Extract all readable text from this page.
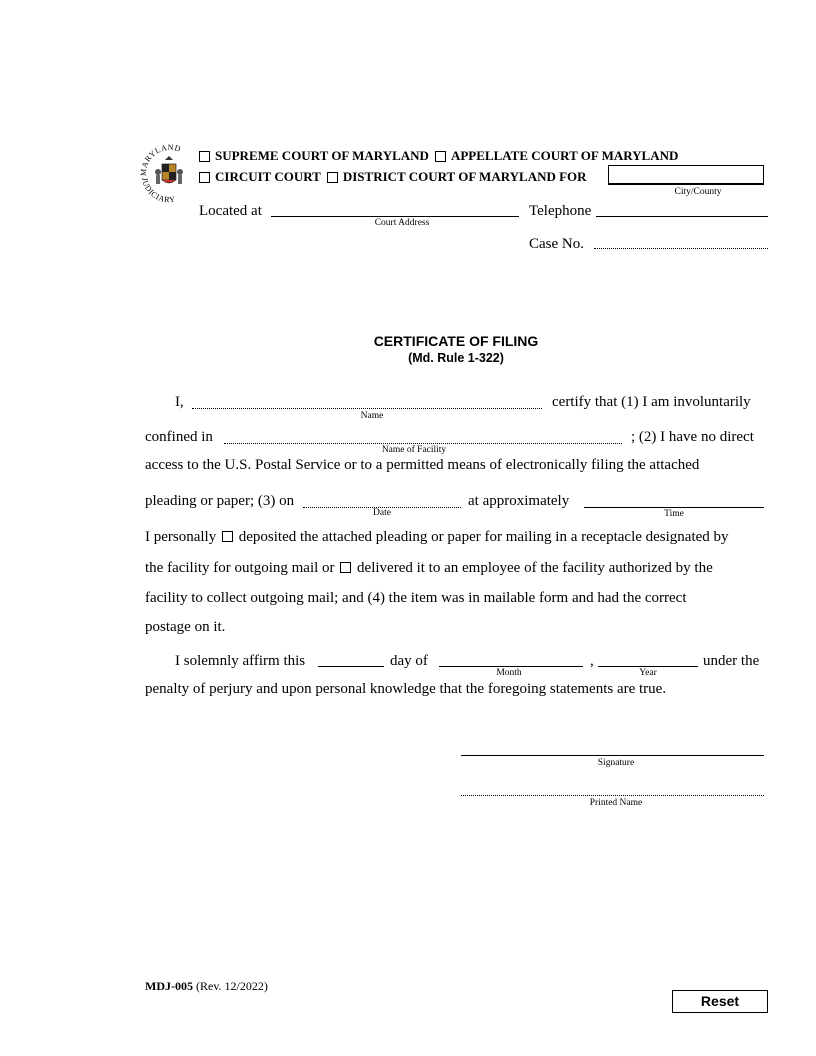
MARYLAND
JUDICIARY
SUPREME COURT OF MARYLAND APPELLATE COURT OF MARYLAND
CIRCUIT COURT DISTRICT COURT OF MARYLAND FOR
City/County
Located at
Court Address
Telephone
Case No.
CERTIFICATE OF FILING
(Md. Rule 1-322)
I,
Name
certify that (1) I am involuntarily
confined in
Name of Facility
; (2) I have no direct
access to the U.S. Postal Service or to a permitted means of electronically filing the attached
pleading or paper; (3) on
Date
at approximately
Time
I personally deposited the attached pleading or paper for mailing in a receptacle designated by
the facility for outgoing mail or delivered it to an employee of the facility authorized by the
facility to collect outgoing mail; and (4) the item was in mailable form and had the correct
postage on it.
I solemnly affirm this	day of
Month
,
Year
under the
penalty of perjury and upon personal knowledge that the foregoing statements are true.
Signature
Printed Name
MDJ-005 (Rev. 12/2022)
Reset
